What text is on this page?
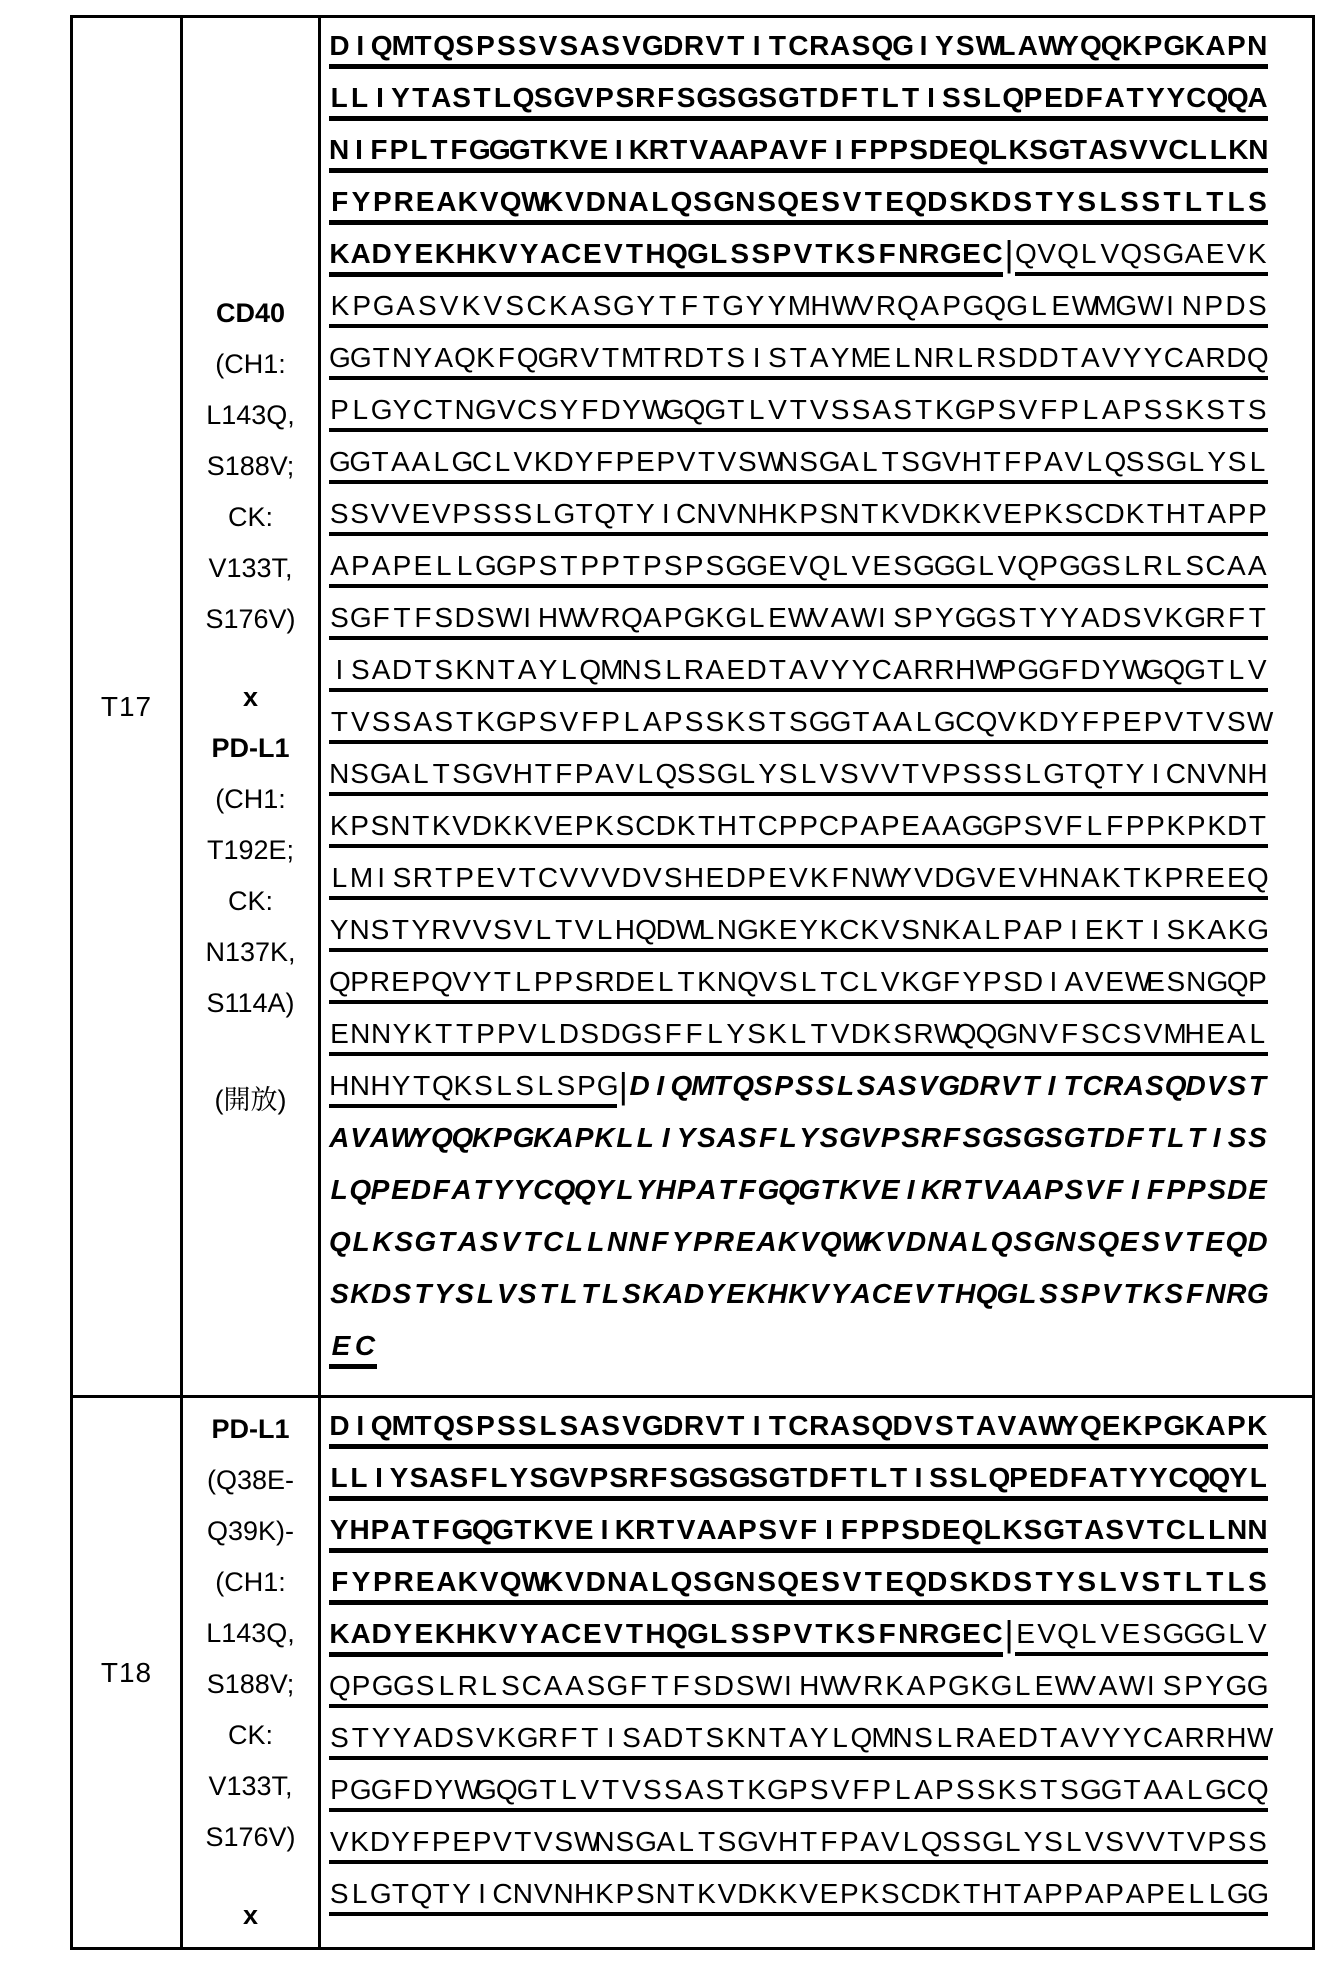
T17
CD40
(CH1:
L143Q,
S188V;
CK:
V133T,
S176V)
x
PD-L1
(CH1:
T192E;
CK:
N137K,
S114A)
(開放)
D I Q M T Q S P S S V S A S V G D R V T I T C R A S Q G I Y S W
L A W
Y Q Q K P G K A P N
L L I Y T A S T L Q S G V P S R F S G S G S G T D F T L T I S S L Q P E D F A T Y Y C Q
Q
A
N I F P L T F G
G
G T K V E I K R T V A A P A V F I F P P S D E Q L K S G T A S V V C L L K N
F Y P R E A K V Q W
K V D N A L Q S G N S Q E S V T E Q D S K D S T Y S L S S T L T L S
K A D Y E K H K V Y A C E V T H Q G L S S P V T K S F N R G E C | Q V Q L V Q S G A E V K
K P G A S V K V S C K A S G Y T F T G Y Y M H W
V R Q A P G Q G L E W
M
G W I N P D S
G G T N Y A Q K F Q G R V T M T R D T S I S T A Y M
E L N R L R S D D T A V Y Y C A R D Q
P L G Y C T N G V C S Y F D Y W
G Q G T L V T V S S A S T K G P S V F P L A P S S K S T S
G
G T A A L G
C L V K D Y F P E P V T V S W
N S G A L T S G V H T F P A V L Q S S G L Y S L
S S V V E V P S S S L G T Q T Y I C N V N H K P S N T K V D K K V E P K S C D K T H T A P P
A P A P E L L G G P S T P P T P S P S G G E V Q L V E S G G G L V Q P G G S L R L S C A A
S G F T F S D S W I H W
V R Q A P G K G L E W
V A W I S P Y G G S T Y Y A D S V K G R F T
I S A D T S K N T A Y L Q M
N S L R A E D T A V Y Y C A R R H W
P G G F D Y W
G Q G T L V
T V S S A S T K G P S V F P L A P S S K S T S G G T A A L G C Q V K D Y F P E P V T V S W
N S G A L T S G V H T F P A V L Q S S G L Y S L V S V V T V P S S S L G T Q T Y I C N V N H
K P S N T K V D K K V E P K S C D K T H T C P P C P A P E A A G
G P S V F L F P P K P K D T
L M I S R T P E V T C V V V D V S H E D P E V K F N W
Y V D G V E V H N A K T K P R E E Q
Y N S T Y R V V S V L T V L H Q
D W
L N G K E Y K C K V S N K A L P A P I E K T I S K A K G
Q P R E P Q V Y T L P P S R D E L T K N Q V S L T C L V K G F Y P S D I A V E W
E S N G
Q P
E N N Y K T T P P V L D S D G S F F L Y S K L T V D K S R W
Q Q G N V F S C S V M
H E A L
H N H Y T Q K S L S L S P G | D I Q
M T Q S P S S L S A S V G
D R V T I T C R A S Q
D V S T
A V A W
Y Q
Q
K P G
K A P K L L I Y S A S F L Y S G V P S R F S G S G S G T D F T L T I S S
L Q P E D F A T Y Y C Q
Q Y L Y H P A T F G
Q
G T K V E I K R T V A A P S V F I F P P S D E
Q L K S G T A S V T C L L N N F Y P R E A K V Q W
K V D N A L Q S G N S Q E S V T E Q D
S K D S T Y S L V S T L T L S K A D Y E K H K V Y A C E V T H Q G L S S P V T K S F N R G
E C
T18
PD-L1
(Q38E-
Q39K)-
(CH1:
L143Q,
S188V;
CK:
V133T,
S176V)
x
D I Q M T Q S P S S L S A S V G D R V T I T C R A S Q D V S T A V A W
Y Q E K P G K A P K
L L I Y S A S F L Y S G
V P S R F S G
S G
S G T D F T L T I S S L Q
P E D F A T Y Y C Q
Q
Y L
Y H P A T F G
Q
G T K V E I K R T V A A P S V F I F P P S D E Q L K S G T A S V T C L L N N
F Y P R E A K V Q W
K V D N A L Q S G N S Q E S V T E Q D S K D S T Y S L V S T L T L S
K A D Y E K H K V Y A C E V T H Q G L S S P V T K S F N R G E C | E V Q L V E S G G G L V
Q P G G S L R L S C A A S G F T F S D S W I H W
V R K A P G K G L E W
V A W I S P Y G G
S T Y Y A D S V K G R F T I S A D T S K N T A Y L Q M
N S L R A E D T A V Y Y C A R R H W
P G G F D Y W
G Q G T L V T V S S A S T K G P S V F P L A P S S K S T S G G T A A L G C Q
V K D Y F P E P V T V S W
N S G A L T S G V H T F P A V L Q S S G L Y S L V S V V T V P S S
S L G T Q T Y I C N V N H K P S N T K V D K K V E P K S C D K T H T A P P A P A P E L L G
G
